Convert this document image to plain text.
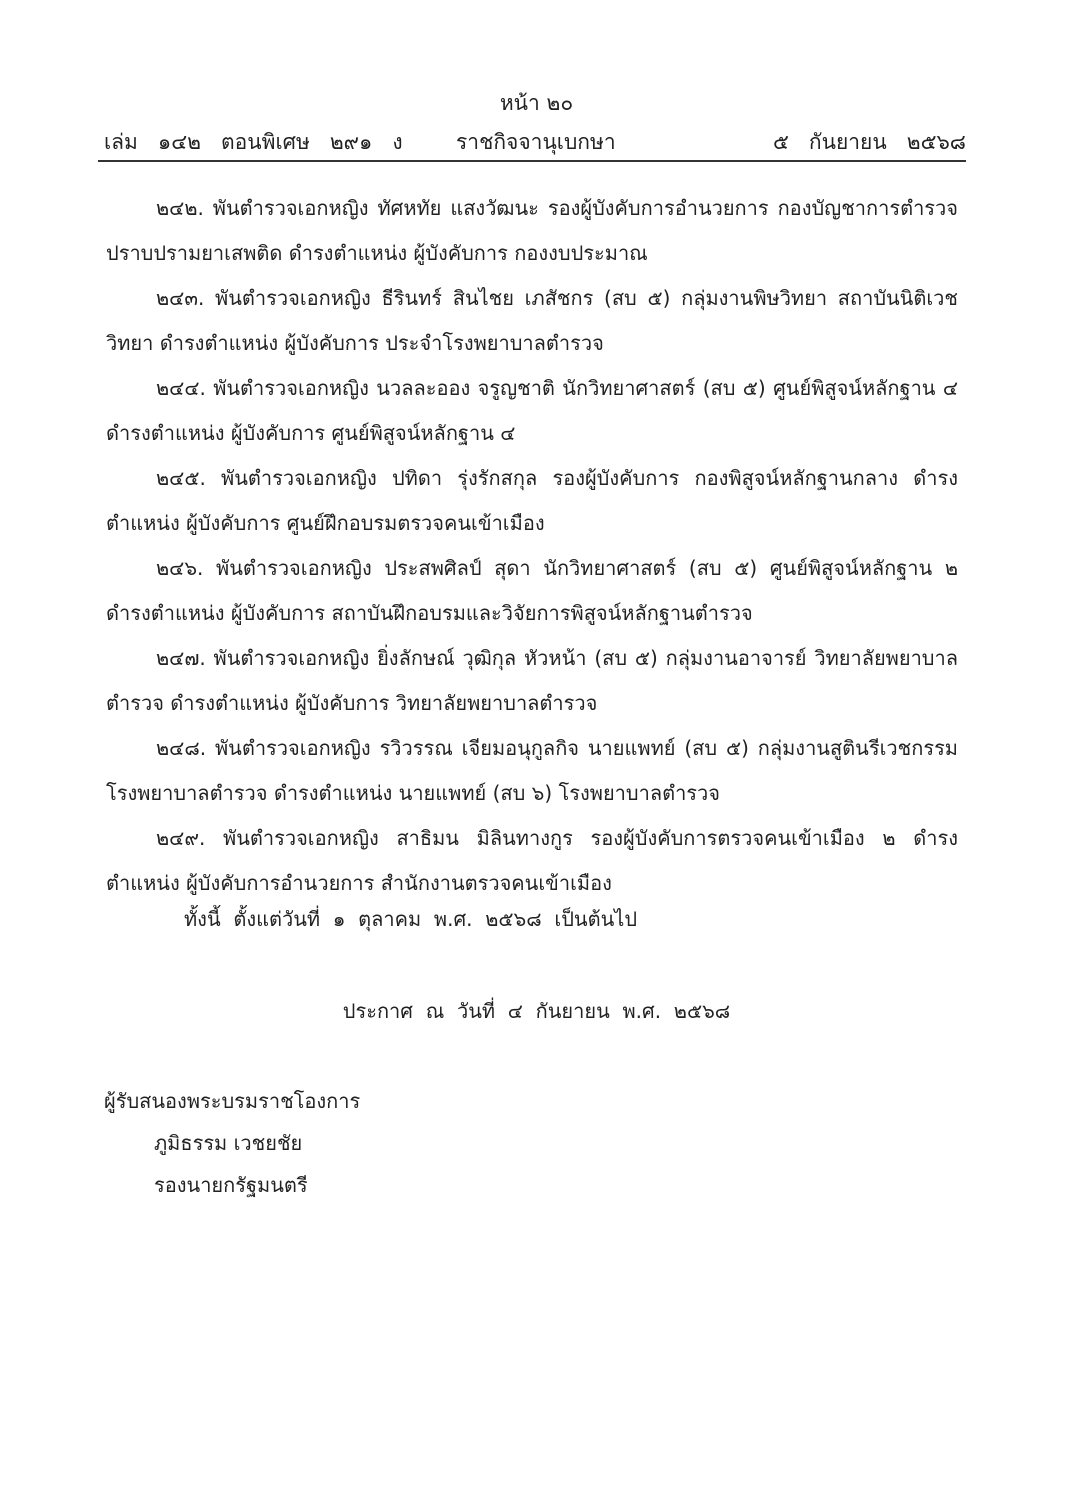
หน้า ๒๐
เล่ม   ๑๔๒   ตอนพิเศษ   ๒๙๑   ง	ราชกิจจานุเบกษา	๕   กันยายน   ๒๕๖๘

๒๔๒. พันตำรวจเอกหญิง ทัศหทัย แสงวัฒนะ รองผู้บังคับการอำนวยการ กองบัญชาการตำรวจปราบปรามยาเสพติด ดำรงตำแหน่ง ผู้บังคับการ กองงบประมาณ

๒๔๓. พันตำรวจเอกหญิง ธีรินทร์ สินไชย เภสัชกร (สบ ๕) กลุ่มงานพิษวิทยา สถาบันนิติเวชวิทยา ดำรงตำแหน่ง ผู้บังคับการ ประจำโรงพยาบาลตำรวจ

๒๔๔. พันตำรวจเอกหญิง นวลละออง จรูญชาติ นักวิทยาศาสตร์ (สบ ๕) ศูนย์พิสูจน์หลักฐาน ๔ ดำรงตำแหน่ง ผู้บังคับการ ศูนย์พิสูจน์หลักฐาน ๔

๒๔๕. พันตำรวจเอกหญิง ปทิดา รุ่งรักสกุล รองผู้บังคับการ กองพิสูจน์หลักฐานกลาง ดำรงตำแหน่ง ผู้บังคับการ ศูนย์ฝึกอบรมตรวจคนเข้าเมือง

๒๔๖. พันตำรวจเอกหญิง ประสพศิลป์ สุดา นักวิทยาศาสตร์ (สบ ๕) ศูนย์พิสูจน์หลักฐาน ๒ ดำรงตำแหน่ง ผู้บังคับการ สถาบันฝึกอบรมและวิจัยการพิสูจน์หลักฐานตำรวจ

๒๔๗. พันตำรวจเอกหญิง ยิ่งลักษณ์ วุฒิกุล หัวหน้า (สบ ๕) กลุ่มงานอาจารย์ วิทยาลัยพยาบาลตำรวจ ดำรงตำแหน่ง ผู้บังคับการ วิทยาลัยพยาบาลตำรวจ

๒๔๘. พันตำรวจเอกหญิง รวิวรรณ เจียมอนุกูลกิจ นายแพทย์ (สบ ๕) กลุ่มงานสูตินรีเวชกรรม โรงพยาบาลตำรวจ ดำรงตำแหน่ง นายแพทย์ (สบ ๖) โรงพยาบาลตำรวจ

๒๔๙. พันตำรวจเอกหญิง สาธิมน มิลินทางกูร รองผู้บังคับการตรวจคนเข้าเมือง ๒ ดำรงตำแหน่ง ผู้บังคับการอำนวยการ สำนักงานตรวจคนเข้าเมือง

ทั้งนี้  ตั้งแต่วันที่  ๑  ตุลาคม  พ.ศ.  ๒๕๖๘  เป็นต้นไป
ประกาศ  ณ  วันที่  ๔  กันยายน  พ.ศ.  ๒๕๖๘
ผู้รับสนองพระบรมราชโองการ
ภูมิธรรม เวชยชัย
รองนายกรัฐมนตรี
